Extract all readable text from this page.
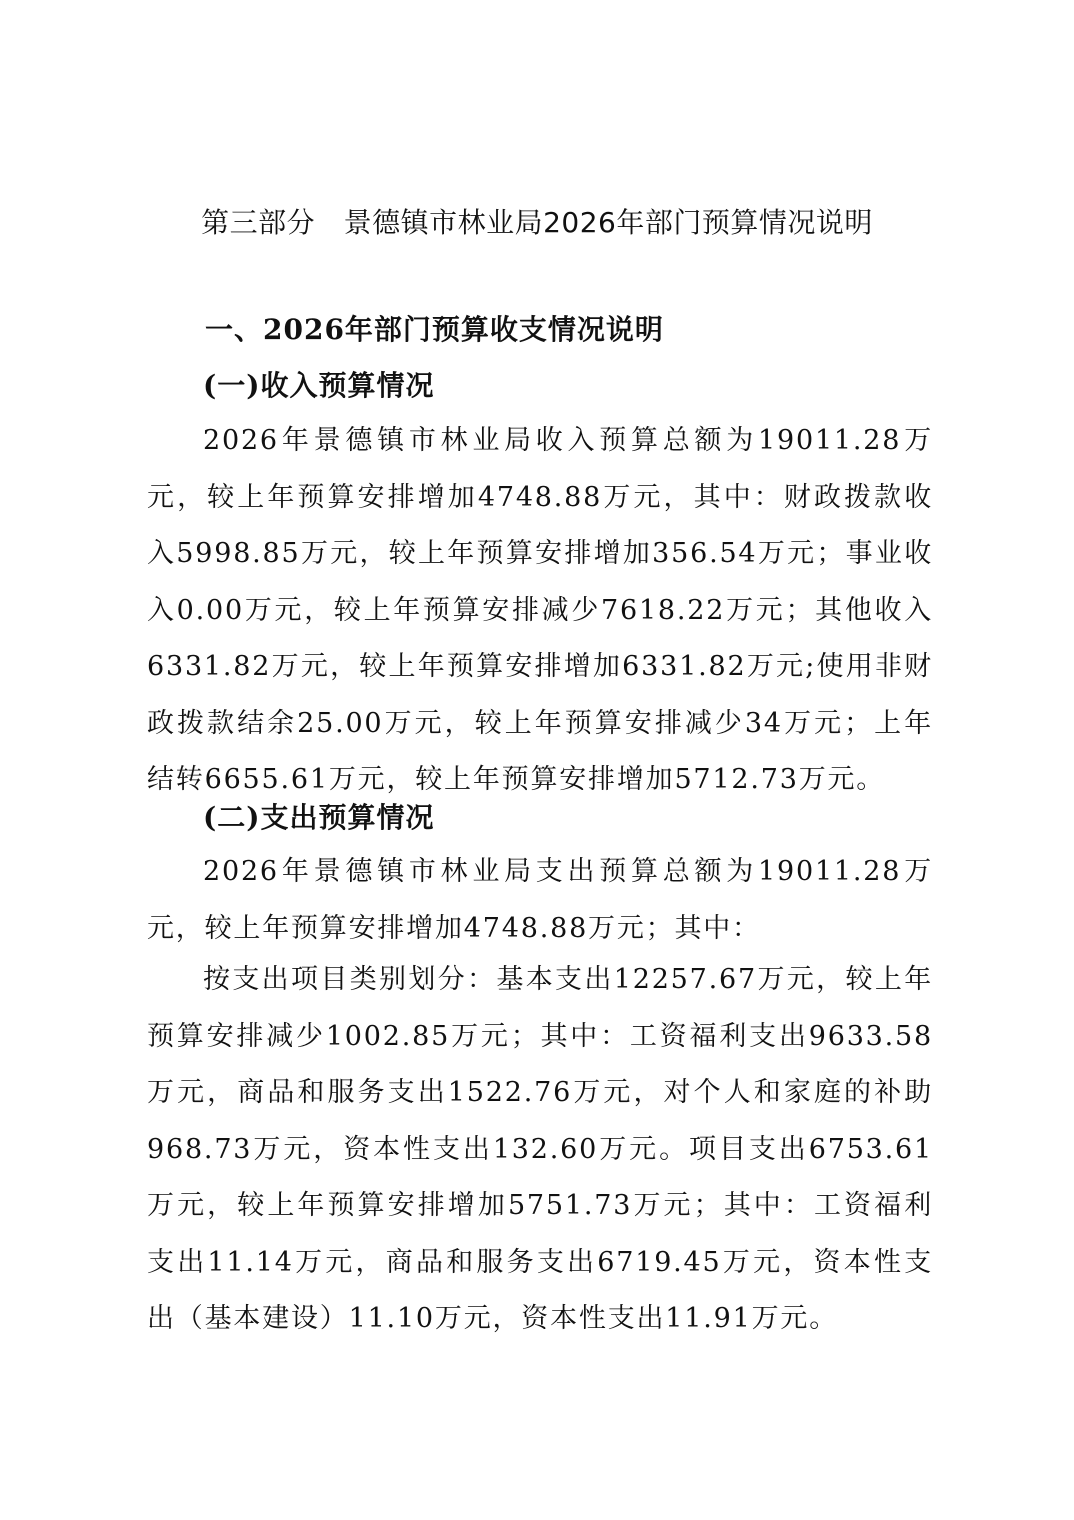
第三部分　景德镇市林业局2026年部门预算情况说明
一、2026年部门预算收支情况说明
(一)收入预算情况

2026年景德镇市林业局收入预算总额为19011.28万元，较上年预算安排增加4748.88万元，其中：财政拨款收入5998.85万元，较上年预算安排增加356.54万元；事业收入0.00万元，较上年预算安排减少7618.22万元；其他收入6331.82万元，较上年预算安排增加6331.82万元;使用非财政拨款结余25.00万元，较上年预算安排减少34万元；上年结转6655.61万元，较上年预算安排增加5712.73万元。

(二)支出预算情况

2026年景德镇市林业局支出预算总额为19011.28万元，较上年预算安排增加4748.88万元；其中：

按支出项目类别划分：基本支出12257.67万元，较上年预算安排减少1002.85万元；其中：工资福利支出9633.58万元，商品和服务支出1522.76万元，对个人和家庭的补助968.73万元，资本性支出132.60万元。项目支出6753.61万元，较上年预算安排增加5751.73万元；其中：工资福利支出11.14万元，商品和服务支出6719.45万元，资本性支出（基本建设）11.10万元，资本性支出11.91万元。
